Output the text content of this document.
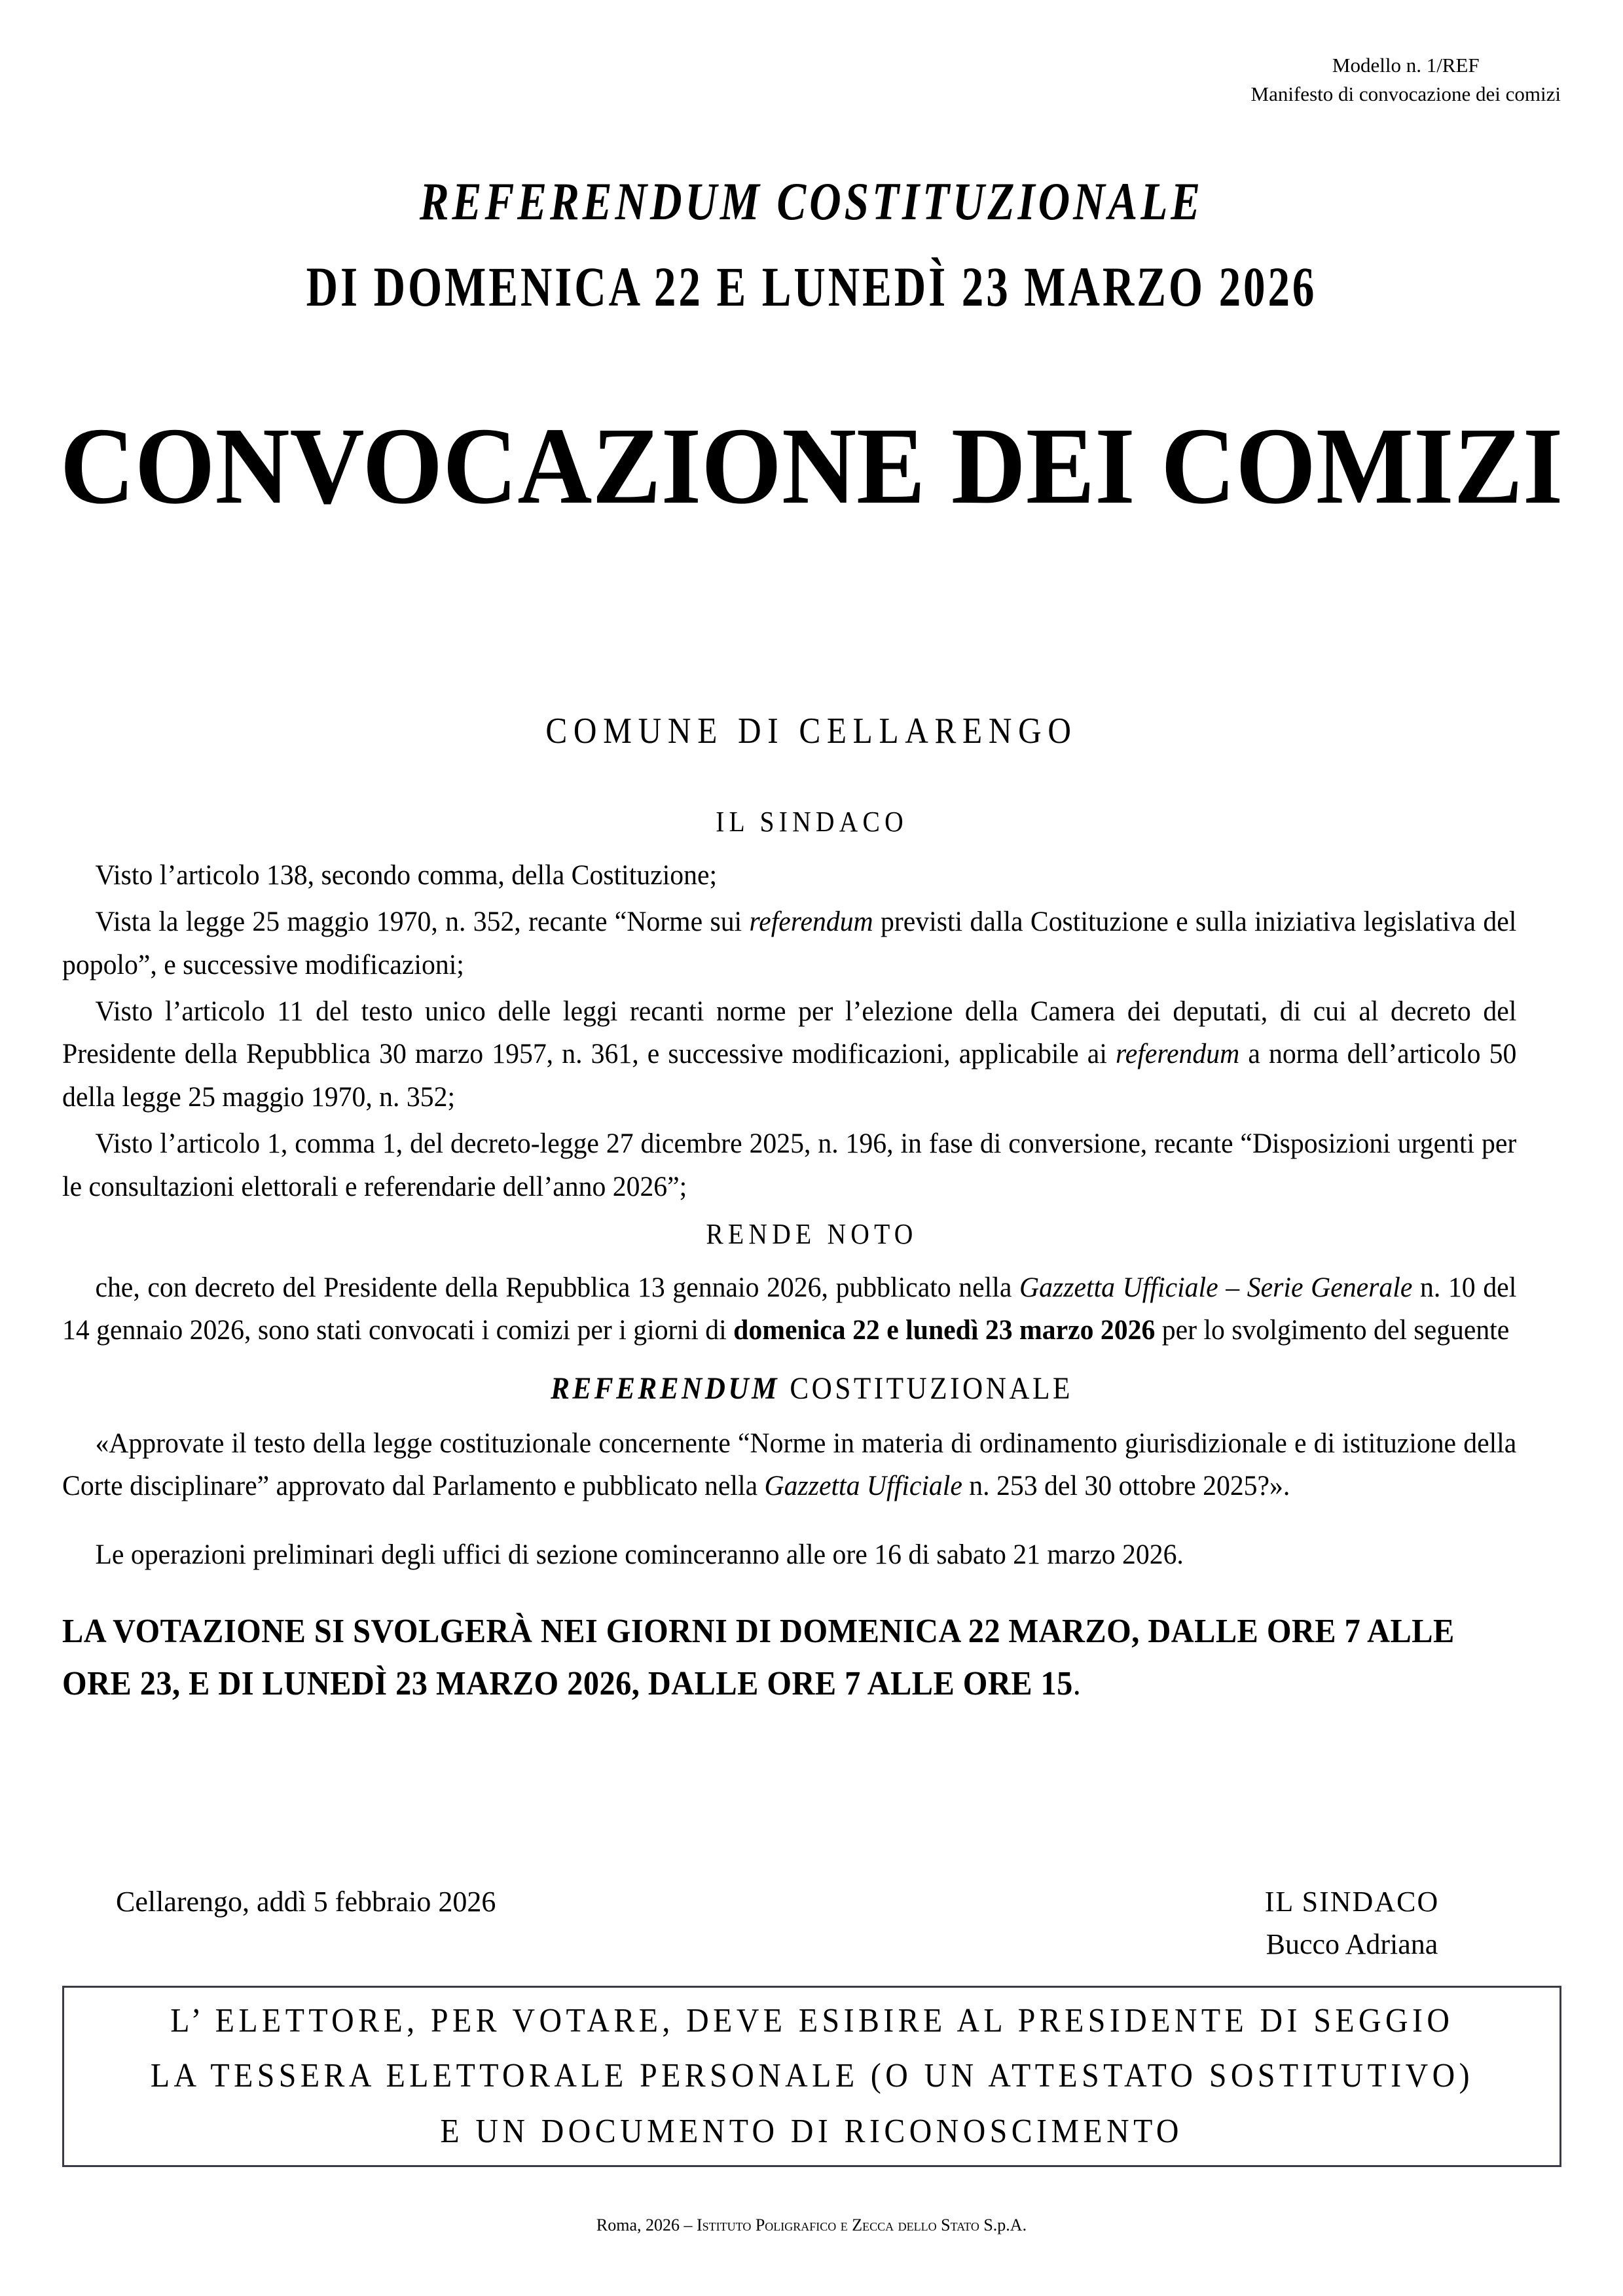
Modello n. 1/REF
Manifesto di convocazione dei comizi
REFERENDUM COSTITUZIONALE
DI DOMENICA 22 E LUNEDÌ 23 MARZO 2026
CONVOCAZIONE DEI COMIZI
COMUNE DI CELLARENGO
IL SINDACO

Visto l’articolo 138, secondo comma, della Costituzione;

Vista la legge 25 maggio 1970, n. 352, recante “Norme sui referendum previsti dalla Costituzione e sulla iniziativa legislativa del popolo”, e successive modificazioni;

Visto l’articolo 11 del testo unico delle leggi recanti norme per l’elezione della Camera dei deputati, di cui al decreto del Presidente della Repubblica 30 marzo 1957, n. 361, e successive modificazioni, applicabile ai referendum a norma dell’articolo 50 della legge 25 maggio 1970, n. 352;

Visto l’articolo 1, comma 1, del decreto-legge 27 dicembre 2025, n. 196, in fase di conversione, recante “Disposizioni urgenti per le consultazioni elettorali e referendarie dell’anno 2026”;

RENDE NOTO

che, con decreto del Presidente della Repubblica 13 gennaio 2026, pubblicato nella Gazzetta Ufficiale – Serie Generale n. 10 del 14 gennaio 2026, sono stati convocati i comizi per i giorni di domenica 22 e lunedì 23 marzo 2026 per lo svolgimento del seguente

REFERENDUM COSTITUZIONALE

«Approvate il testo della legge costituzionale concernente “Norme in materia di ordinamento giurisdizionale e di istituzione della Corte disciplinare” approvato dal Parlamento e pubblicato nella Gazzetta Ufficiale n. 253 del 30 ottobre 2025?».

Le operazioni preliminari degli uffici di sezione cominceranno alle ore 16 di sabato 21 marzo 2026.

LA VOTAZIONE SI SVOLGERÀ NEI GIORNI DI DOMENICA 22 MARZO, DALLE ORE 7 ALLE ORE 23, E DI LUNEDÌ 23 MARZO 2026, DALLE ORE 7 ALLE ORE 15.
Cellarengo, addì 5 febbraio 2026	IL SINDACO
Bucco Adriana
L’ ELETTORE, PER VOTARE, DEVE ESIBIRE AL PRESIDENTE DI SEGGIO
LA TESSERA ELETTORALE PERSONALE (O UN ATTESTATO SOSTITUTIVO)
E UN DOCUMENTO DI RICONOSCIMENTO
Roma, 2026 – Istituto Poligrafico e Zecca dello Stato S.p.A.
